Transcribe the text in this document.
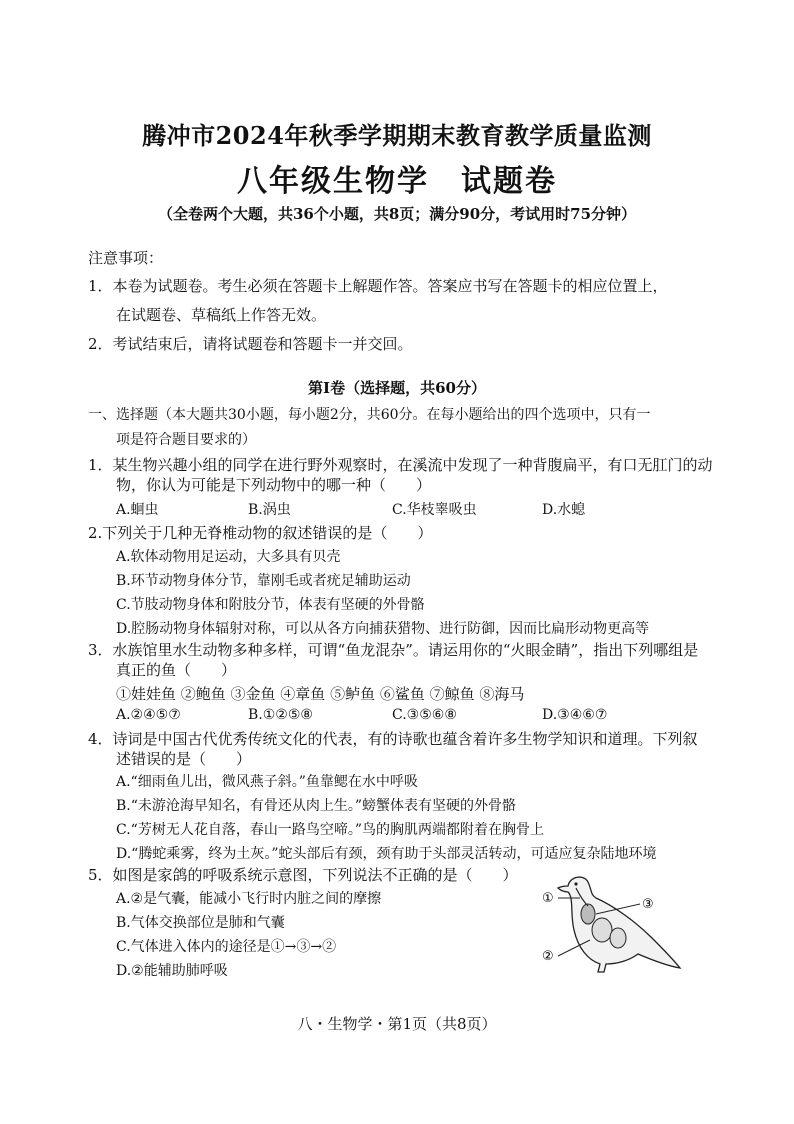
腾冲市2024年秋季学期期末教育教学质量监测
八年级生物学　试题卷
（全卷两个大题，共36个小题，共8页；满分90分，考试用时75分钟）
注意事项：
1．本卷为试题卷。考生必须在答题卡上解题作答。答案应书写在答题卡的相应位置上，
在试题卷、草稿纸上作答无效。
2．考试结束后，请将试题卷和答题卡一并交回。
第Ⅰ卷（选择题，共60分）
一、选择题（本大题共30小题，每小题2分，共60分。在每小题给出的四个选项中，只有一
项是符合题目要求的）
1．某生物兴趣小组的同学在进行野外观察时，在溪流中发现了一种背腹扁平，有口无肛门的动
物，你认为可能是下列动物中的哪一种（　　）
A.蛔虫	B.涡虫	C.华枝睾吸虫	D.水螅
2.下列关于几种无脊椎动物的叙述错误的是（　　）
A.软体动物用足运动，大多具有贝壳
B.环节动物身体分节，靠刚毛或者疣足辅助运动
C.节肢动物身体和附肢分节，体表有坚硬的外骨骼
D.腔肠动物身体辐射对称，可以从各方向捕获猎物、进行防御，因而比扁形动物更高等
3．水族馆里水生动物多种多样，可谓“鱼龙混杂”。请运用你的“火眼金睛”，指出下列哪组是
真正的鱼（　　）
①娃娃鱼 ②鲍鱼 ③金鱼 ④章鱼 ⑤鲈鱼 ⑥鲨鱼 ⑦鲸鱼 ⑧海马
A.②④⑤⑦	B.①②⑤⑧	C.③⑤⑥⑧	D.③④⑥⑦
4．诗词是中国古代优秀传统文化的代表，有的诗歌也蕴含着许多生物学知识和道理。下列叙
述错误的是（　　）
A.“细雨鱼儿出，微风燕子斜。”鱼靠鳃在水中呼吸
B.“未游沧海早知名，有骨还从肉上生。”螃蟹体表有坚硬的外骨骼
C.“芳树无人花自落，春山一路鸟空啼。”鸟的胸肌两端都附着在胸骨上
D.“腾蛇乘雾，终为土灰。”蛇头部后有颈，颈有助于头部灵活转动，可适应复杂陆地环境
5．如图是家鸽的呼吸系统示意图，下列说法不正确的是（　　）
A.②是气囊，能减小飞行时内脏之间的摩擦
B.气体交换部位是肺和气囊
C.气体进入体内的途径是①→③→②
D.②能辅助肺呼吸
①
②
③
八・生物学・第1页（共8页）
